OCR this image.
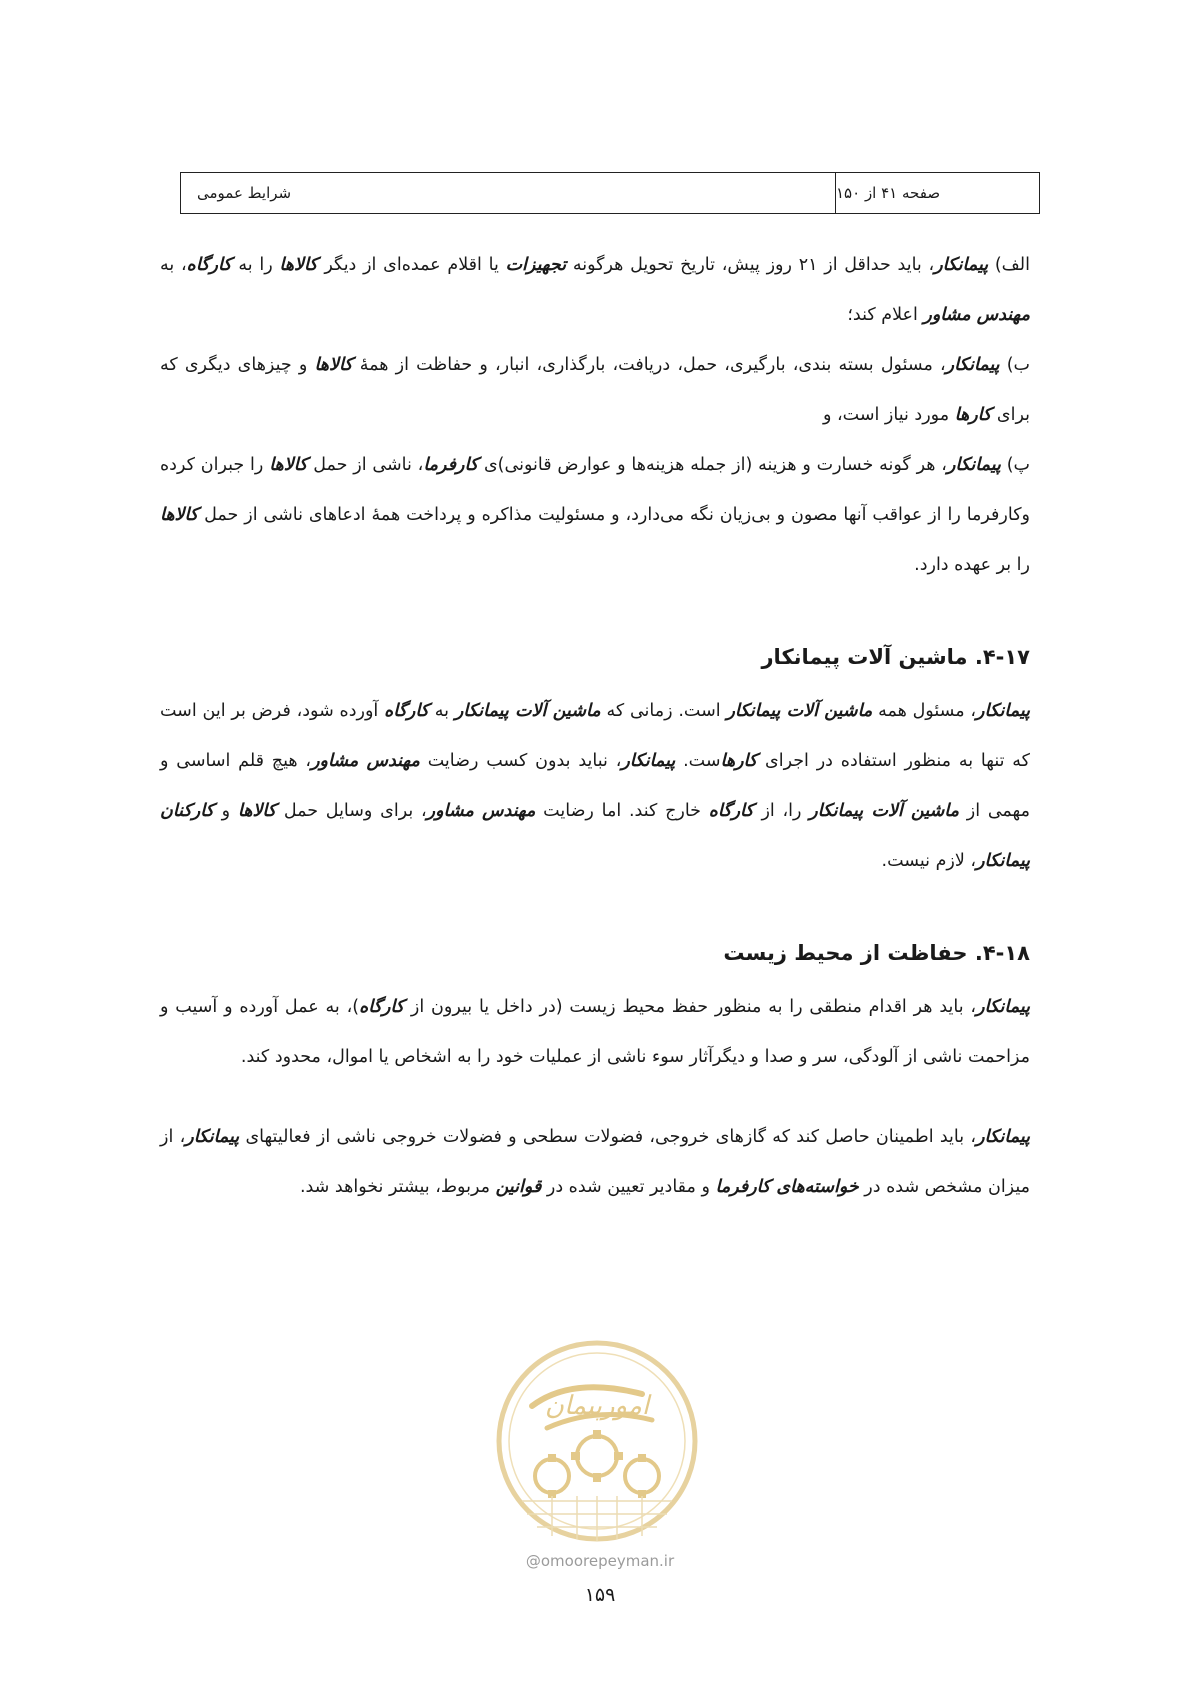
شرایط عمومی	صفحه ۴۱ از ۱۵۰

الف) پیمانکار، باید حداقل از ۲۱ روز پیش، تاریخ تحویل هرگونه تجهیزات یا اقلام عمده‌ای از دیگر کالاها را به کارگاه، به مهندس مشاور اعلام کند؛

ب) پیمانکار، مسئول بسته بندی، بارگیری، حمل، دریافت، بارگذاری، انبار، و حفاظت از همهٔ کالاها و چیزهای دیگری که برای کارها مورد نیاز است، و

پ) پیمانکار، هر گونه خسارت و هزینه (از جمله هزینه‌ها و عوارض قانونی)ی کارفرما، ناشی از حمل کالاها را جبران کرده وکارفرما را از عواقب آنها مصون و بی‌زیان نگه می‌دارد، و مسئولیت مذاکره و پرداخت همهٔ ادعاهای ناشی از حمل کالاها را بر عهده دارد.

۴-۱۷. ماشین آلات پیمانکار

پیمانکار، مسئول همه ماشین آلات پیمانکار است. زمانی که ماشین آلات پیمانکار به کارگاه آورده شود، فرض بر این است که تنها به منظور استفاده در اجرای کارهاست. پیمانکار، نباید بدون کسب رضایت مهندس مشاور، هیچ قلم اساسی و مهمی از ماشین آلات پیمانکار را، از کارگاه خارج کند. اما رضایت مهندس مشاور، برای وسایل حمل کالاها و کارکنان پیمانکار، لازم نیست.

۴-۱۸. حفاظت از محیط زیست

پیمانکار، باید هر اقدام منطقی را به منظور حفظ محیط زیست (در داخل یا بیرون از کارگاه)، به عمل آورده و آسیب و مزاحمت ناشی از آلودگی، سر و صدا و دیگرآثار سوء ناشی از عملیات خود را به اشخاص یا اموال، محدود کند.

پیمانکار، باید اطمینان حاصل کند که گازهای خروجی، فضولات سطحی و فضولات خروجی ناشی از فعالیتهای پیمانکار، از میزان مشخص شده در خواسته‌های کارفرما و مقادیر تعیین شده در قوانین مربوط، بیشتر نخواهد شد.

امورپیمان
@omoorepeyman.ir
۱۵۹
